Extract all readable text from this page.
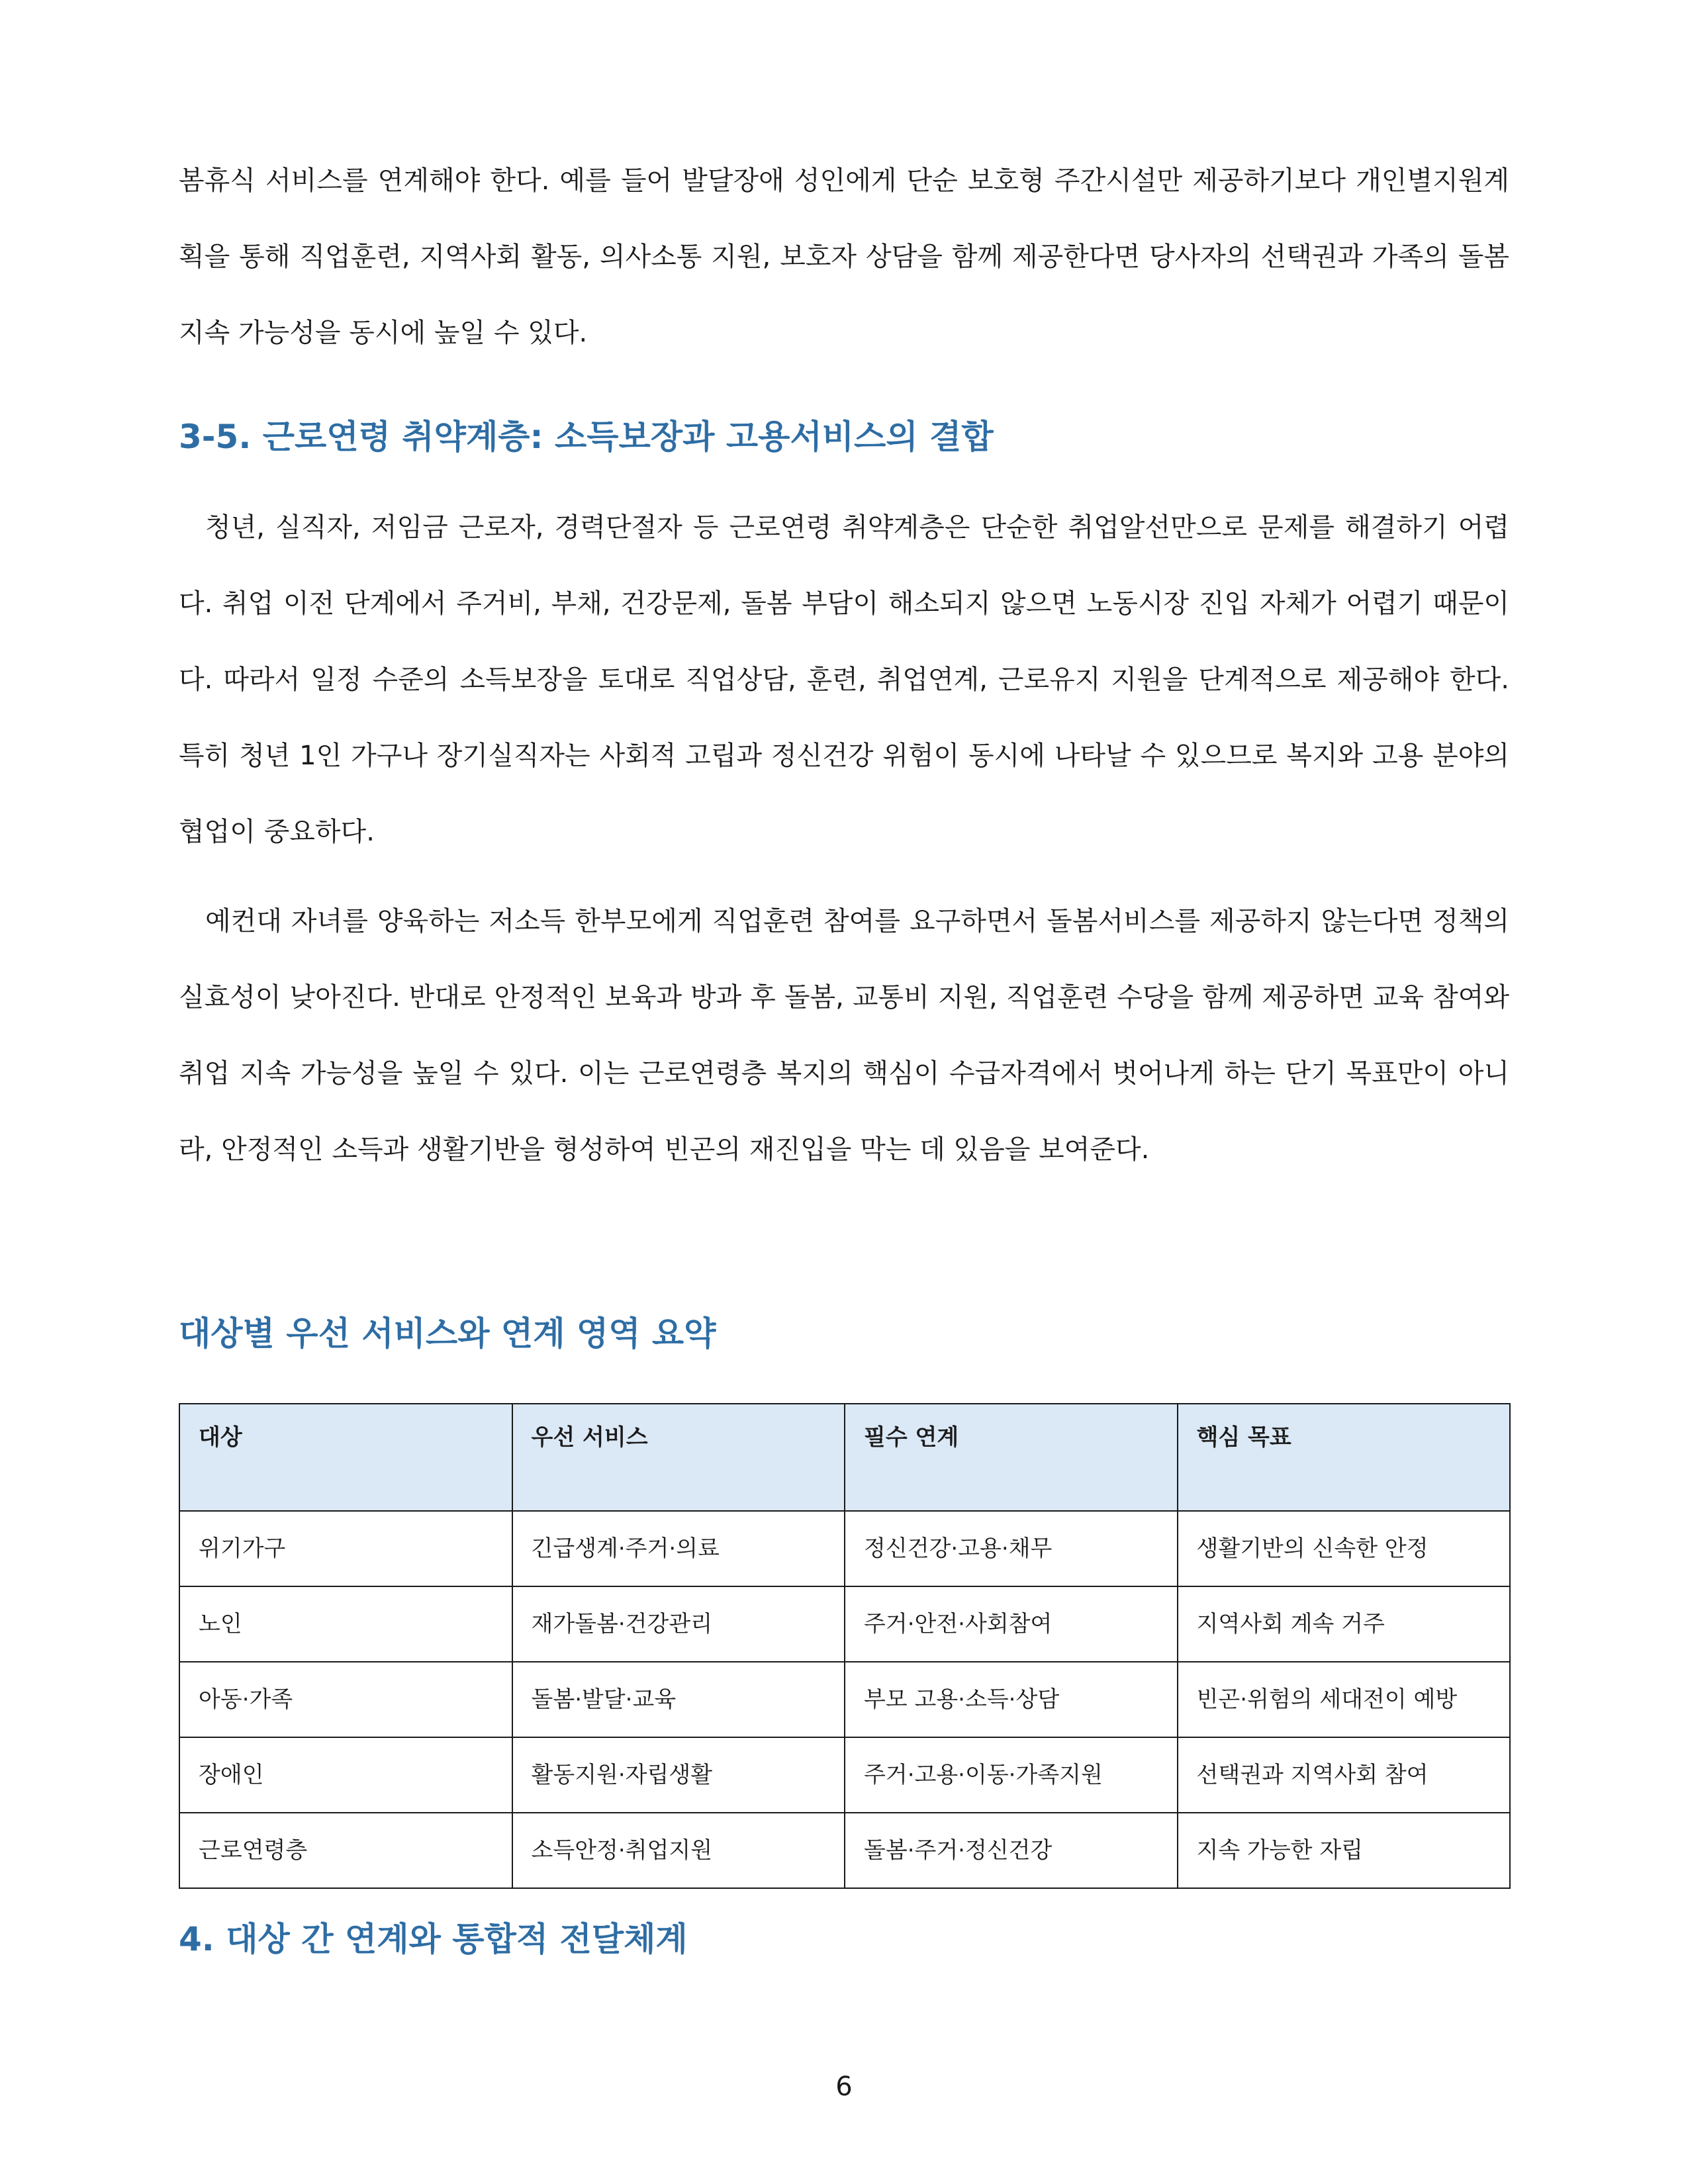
봄휴식 서비스를 연계해야 한다. 예를 들어 발달장애 성인에게 단순 보호형 주간시설만 제공하기보다 개인별지원계획을 통해 직업훈련, 지역사회 활동, 의사소통 지원, 보호자 상담을 함께 제공한다면 당사자의 선택권과 가족의 돌봄 지속 가능성을 동시에 높일 수 있다.

3-5. 근로연령 취약계층: 소득보장과 고용서비스의 결합

청년, 실직자, 저임금 근로자, 경력단절자 등 근로연령 취약계층은 단순한 취업알선만으로 문제를 해결하기 어렵다. 취업 이전 단계에서 주거비, 부채, 건강문제, 돌봄 부담이 해소되지 않으면 노동시장 진입 자체가 어렵기 때문이다. 따라서 일정 수준의 소득보장을 토대로 직업상담, 훈련, 취업연계, 근로유지 지원을 단계적으로 제공해야 한다. 특히 청년 1인 가구나 장기실직자는 사회적 고립과 정신건강 위험이 동시에 나타날 수 있으므로 복지와 고용 분야의 협업이 중요하다.

예컨대 자녀를 양육하는 저소득 한부모에게 직업훈련 참여를 요구하면서 돌봄서비스를 제공하지 않는다면 정책의 실효성이 낮아진다. 반대로 안정적인 보육과 방과 후 돌봄, 교통비 지원, 직업훈련 수당을 함께 제공하면 교육 참여와 취업 지속 가능성을 높일 수 있다. 이는 근로연령층 복지의 핵심이 수급자격에서 벗어나게 하는 단기 목표만이 아니라, 안정적인 소득과 생활기반을 형성하여 빈곤의 재진입을 막는 데 있음을 보여준다.

대상별 우선 서비스와 연계 영역 요약
대상	우선 서비스	필수 연계	핵심 목표
위기가구	긴급생계·주거·의료	정신건강·고용·채무	생활기반의 신속한 안정
노인	재가돌봄·건강관리	주거·안전·사회참여	지역사회 계속 거주
아동·가족	돌봄·발달·교육	부모 고용·소득·상담	빈곤·위험의 세대전이 예방
장애인	활동지원·자립생활	주거·고용·이동·가족지원	선택권과 지역사회 참여
근로연령층	소득안정·취업지원	돌봄·주거·정신건강	지속 가능한 자립
4. 대상 간 연계와 통합적 전달체계
6
